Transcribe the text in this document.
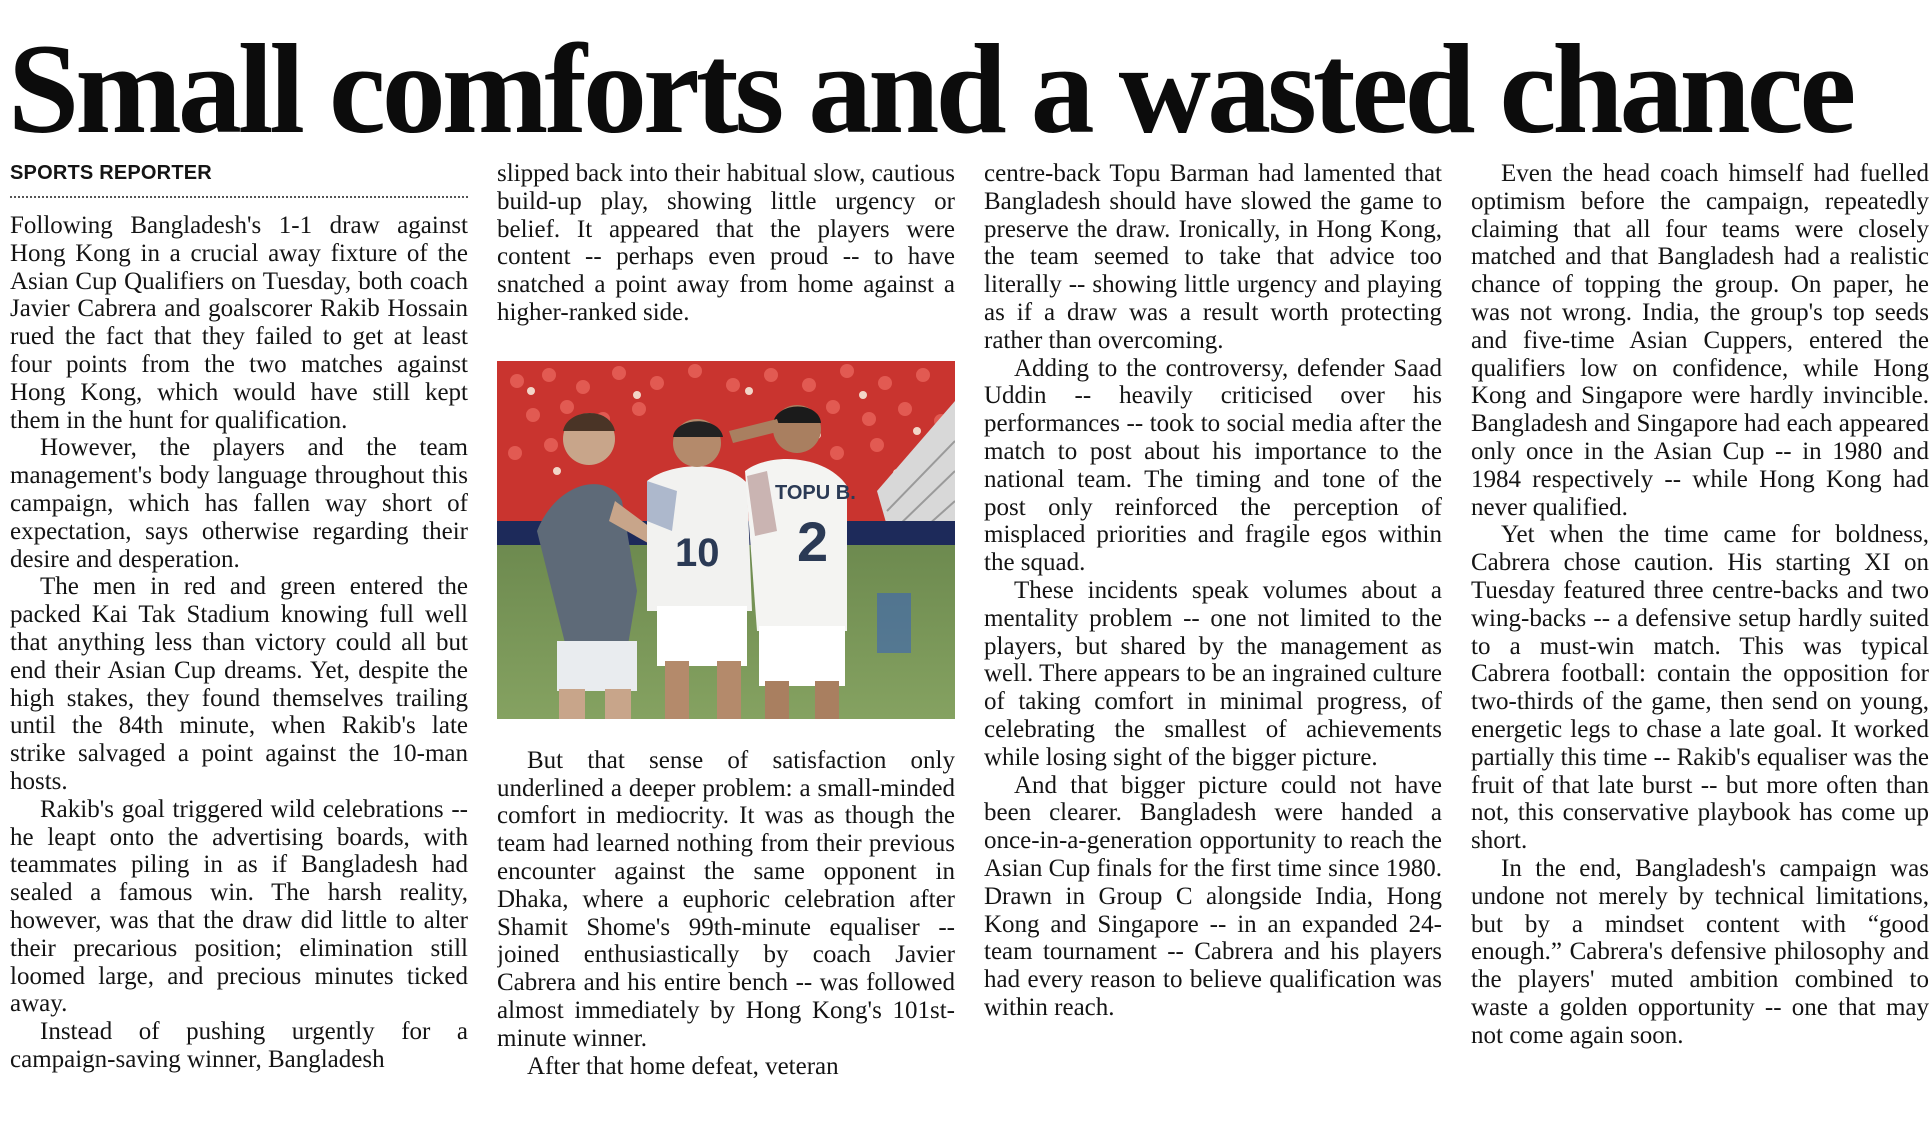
Small comforts and a wasted chance
SPORTS REPORTER

Following Bangladesh's 1-1 draw against Hong Kong in a crucial away fixture of the Asian Cup Qualifiers on Tuesday, both coach Javier Cabrera and goalscorer Rakib Hossain rued the fact that they failed to get at least four points from the two matches against Hong Kong, which would have still kept them in the hunt for qualification.

However, the players and the team management's body language throughout this campaign, which has fallen way short of expectation, says otherwise regarding their desire and desperation.

The men in red and green entered the packed Kai Tak Stadium knowing full well that anything less than victory could all but end their Asian Cup dreams. Yet, despite the high stakes, they found themselves trailing until the 84th minute, when Rakib's late strike salvaged a point against the 10-man hosts.

Rakib's goal triggered wild celebrations -- he leapt onto the advertising boards, with teammates piling in as if Bangladesh had sealed a famous win. The harsh reality, however, was that the draw did little to alter their precarious position; elimination still loomed large, and precious minutes ticked away.

Instead of pushing urgently for a campaign-saving winner, Bangladesh

slipped back into their habitual slow, cautious build-up play, showing little urgency or belief. It appeared that the players were content -- perhaps even proud -- to have snatched a point away from home against a higher-ranked side.

10
TOPU B.
2

But that sense of satisfaction only underlined a deeper problem: a small-minded comfort in mediocrity. It was as though the team had learned nothing from their previous encounter against the same opponent in Dhaka, where a euphoric celebration after Shamit Shome's 99th-minute equaliser -- joined enthusiastically by coach Javier Cabrera and his entire bench -- was followed almost immediately by Hong Kong's 101st-minute winner.

After that home defeat, veteran

centre-back Topu Barman had lamented that Bangladesh should have slowed the game to preserve the draw. Ironically, in Hong Kong, the team seemed to take that advice too literally -- showing little urgency and playing as if a draw was a result worth protecting rather than overcoming.

Adding to the controversy, defender Saad Uddin -- heavily criticised over his performances -- took to social media after the match to post about his importance to the national team. The timing and tone of the post only reinforced the perception of misplaced priorities and fragile egos within the squad.

These incidents speak volumes about a mentality problem -- one not limited to the players, but shared by the management as well. There appears to be an ingrained culture of taking comfort in minimal progress, of celebrating the smallest of achievements while losing sight of the bigger picture.

And that bigger picture could not have been clearer. Bangladesh were handed a once-in-a-generation opportunity to reach the Asian Cup finals for the first time since 1980. Drawn in Group C alongside India, Hong Kong and Singapore -- in an expanded 24-team tournament -- Cabrera and his players had every reason to believe qualification was within reach.

Even the head coach himself had fuelled optimism before the campaign, repeatedly claiming that all four teams were closely matched and that Bangladesh had a realistic chance of topping the group. On paper, he was not wrong. India, the group's top seeds and five-time Asian Cuppers, entered the qualifiers low on confidence, while Hong Kong and Singapore were hardly invincible. Bangladesh and Singapore had each appeared only once in the Asian Cup -- in 1980 and 1984 respectively -- while Hong Kong had never qualified.

Yet when the time came for boldness, Cabrera chose caution. His starting XI on Tuesday featured three centre-backs and two wing-backs -- a defensive setup hardly suited to a must-win match. This was typical Cabrera football: contain the opposition for two-thirds of the game, then send on young, energetic legs to chase a late goal. It worked partially this time -- Rakib's equaliser was the fruit of that late burst -- but more often than not, this conservative playbook has come up short.

In the end, Bangladesh's campaign was undone not merely by technical limitations, but by a mindset content with “good enough.” Cabrera's defensive philosophy and the players' muted ambition combined to waste a golden opportunity -- one that may not come again soon.
